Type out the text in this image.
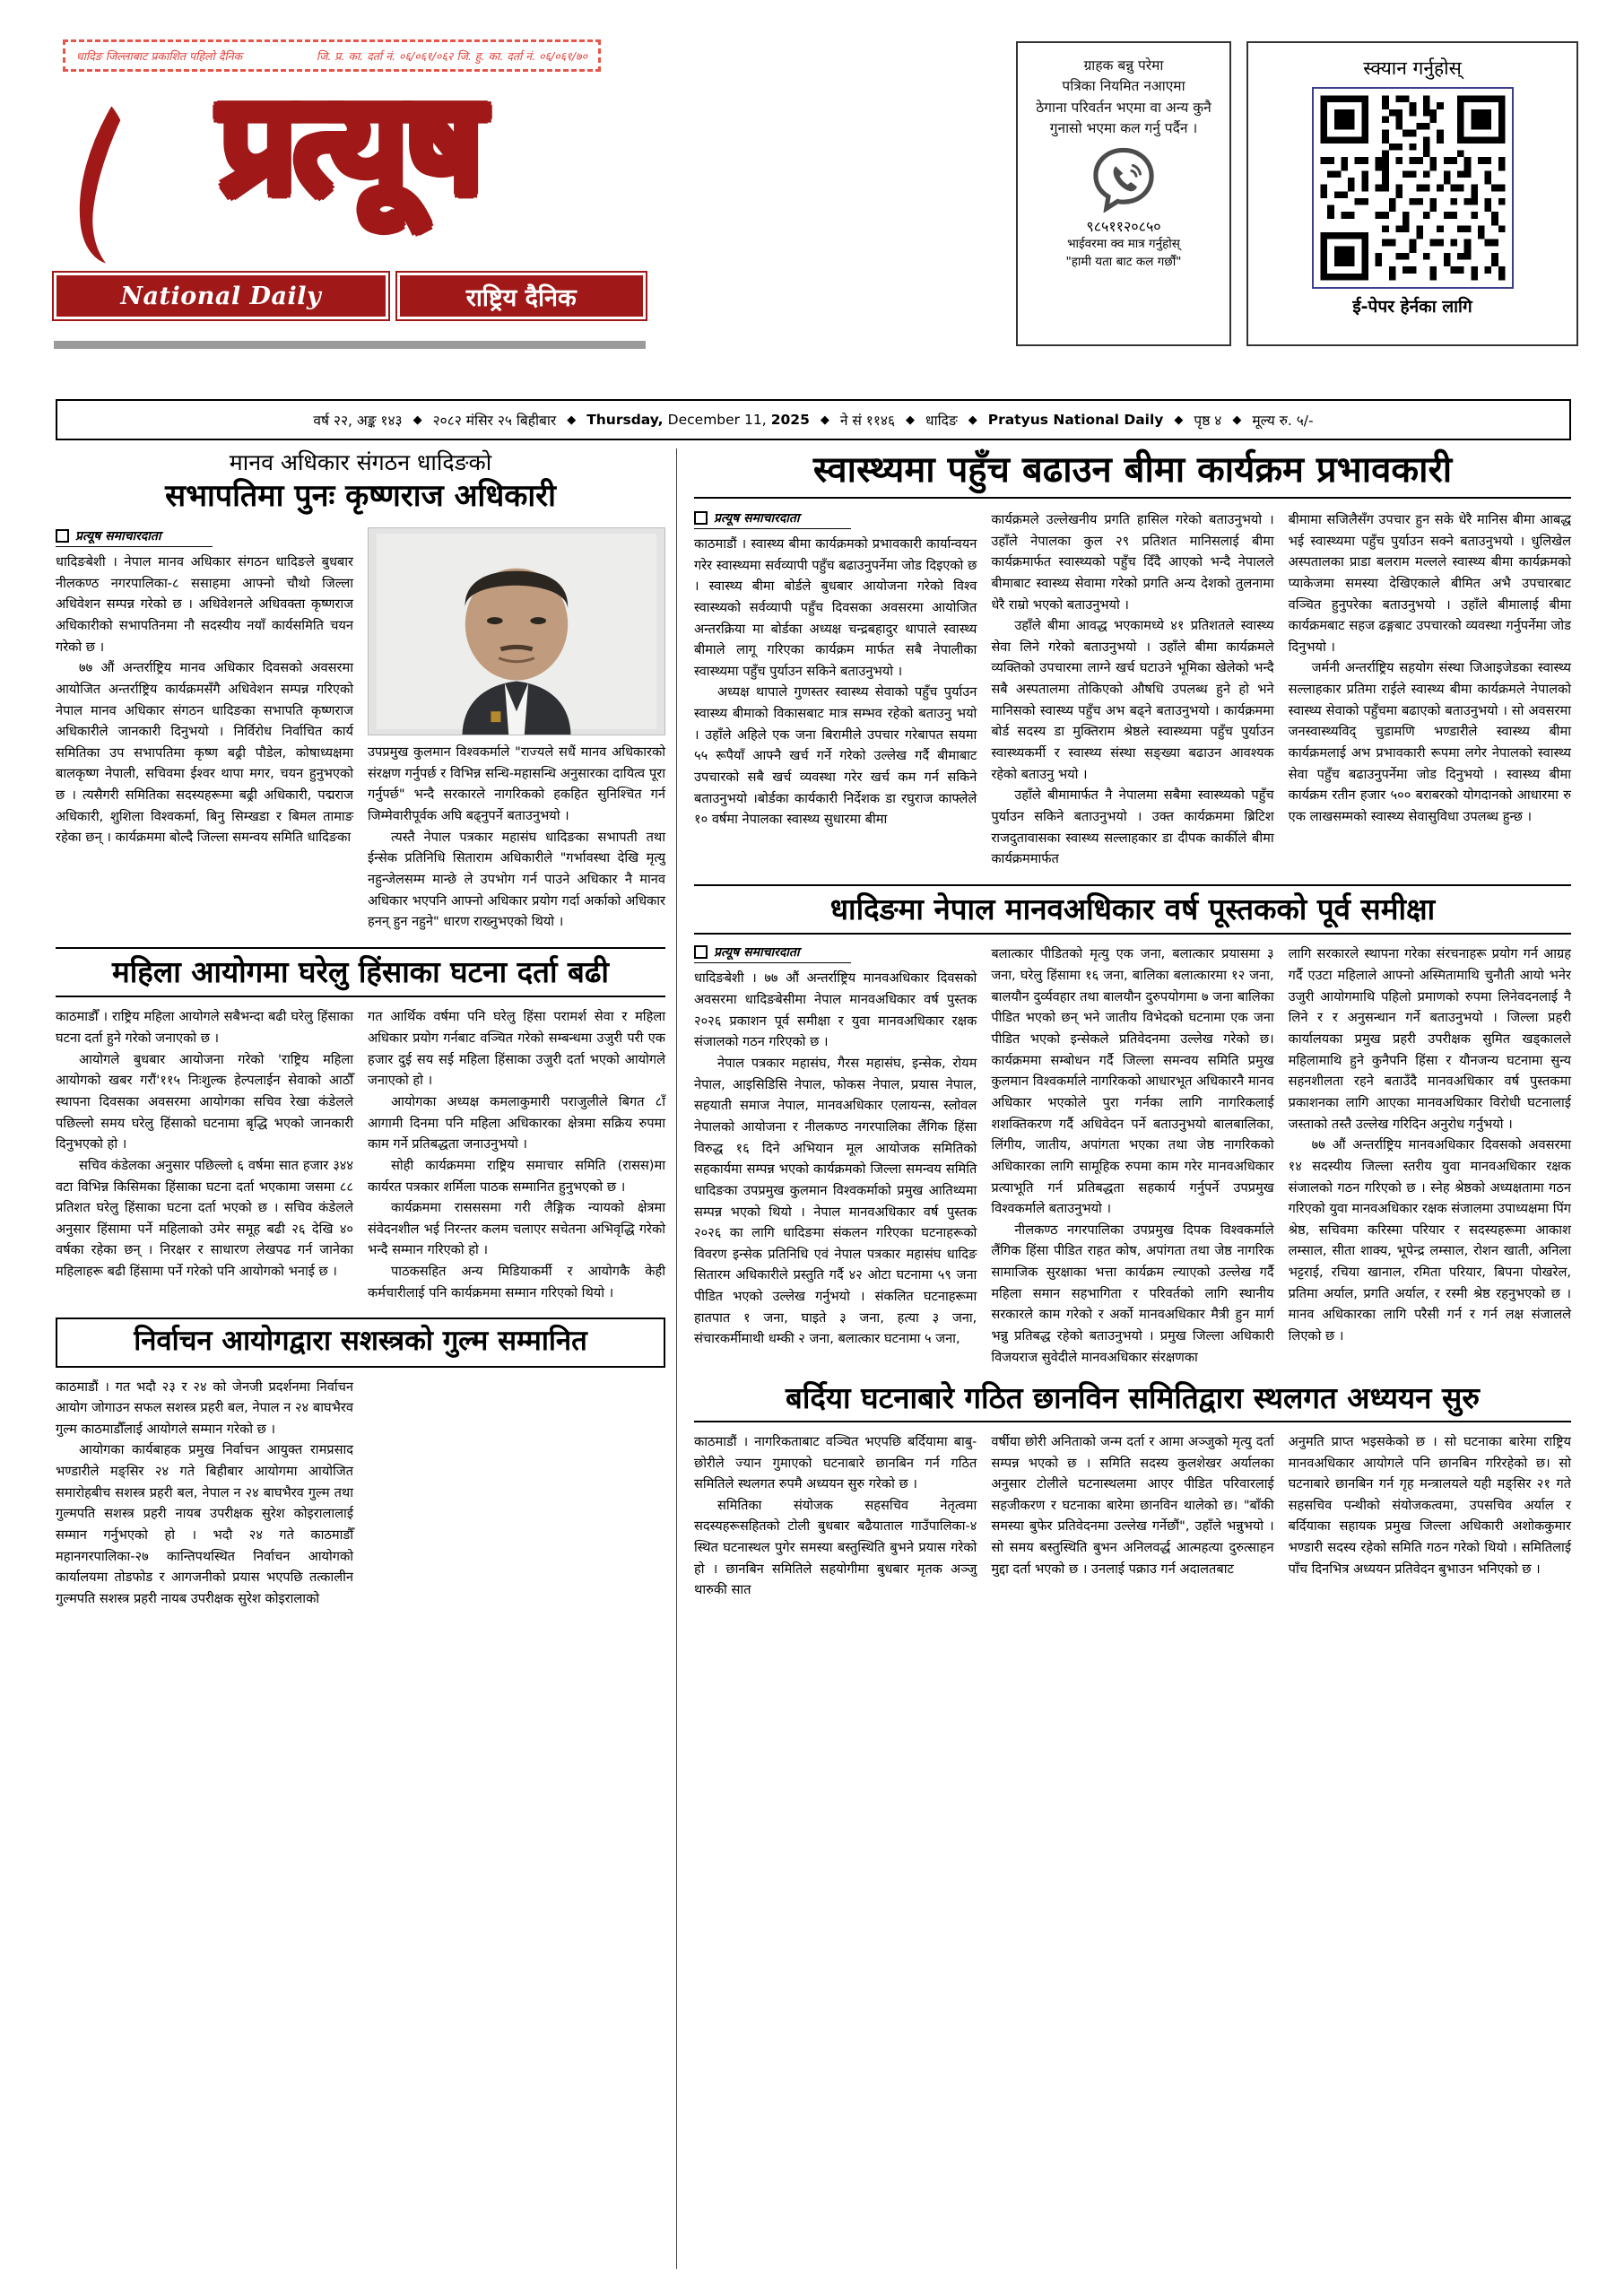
धादिङ जिल्लाबाट प्रकाशित पहिलो दैनिक	जि. प्र. का. दर्ता नं. ०६/०६१/०६२ जि. हु. का. दर्ता नं. ०६/०६१/७०
प्रत्यूष
National Daily	राष्ट्रिय दैनिक
ग्राहक बन्नु परेमा
पत्रिका नियमित नआएमा
ठेगाना परिवर्तन भएमा वा अन्य कुनै
गुनासो भएमा कल गर्नु पर्दैन ।
९८५११२०८५०
भाईवरमा क्व मात्र गर्नुहोस्
"हामी यता बाट कल गर्छौं"
स्क्यान गर्नुहोस्
ई-पेपर हेर्नका लागि
वर्ष २२, अङ्क १४३ ◆ २०८२ मंसिर २५ बिहीबार ◆ Thursday,
December 11,
2025 ◆ ने सं ११४६ ◆ धादिङ ◆ Pratyus National Daily ◆ पृष्ठ ४ ◆ मूल्य रु. ५/-
मानव अधिकार संगठन धादिङको
सभापतिमा पुनः कृष्णराज अधिकारी
प्रत्यूष समाचारदाता

धादिङबेशी । नेपाल मानव अधिकार संगठन धादिङले बुधबार नीलकण्ठ नगरपालिका-८ ससाहमा आफ्नो चौथो जिल्ला अधिवेशन सम्पन्न गरेको छ । अधिवेशनले अधिवक्ता कृष्णराज अधिकारीको सभापतिनमा नौ सदस्यीय नयाँ कार्यसमिति चयन गरेको छ ।

७७ औं अन्तर्राष्ट्रिय मानव अधिकार दिवसको अवसरमा आयोजित अन्तर्राष्ट्रिय कार्यक्रमसँगै अधिवेशन सम्पन्न गरिएको नेपाल मानव अधिकार संगठन धादिङका सभापति कृष्णराज अधिकारीले जानकारी दिनुभयो । निर्विरोध निर्वाचित कार्य समितिका उप सभापतिमा कृष्ण बढ्री पौडेल, कोषाध्यक्षमा बालकृष्ण नेपाली, सचिवमा ईश्वर थापा मगर, चयन हुनुभएको छ । त्यसैगरी समितिका सदस्यहरूमा बढ्री अधिकारी, पद्मराज अधिकारी, शुशिला विश्वकर्मा, बिनु सिम्खडा र बिमल तामाङ रहेका छन् । कार्यक्रममा बोल्दै जिल्ला समन्वय समिति धादिङका

उपप्रमुख कुलमान विश्वकर्माले "राज्यले सधैं मानव अधिकारको संरक्षण गर्नुपर्छ र विभिन्न सन्धि-महासन्धि अनुसारका दायित्व पूरा गर्नुपर्छ" भन्दै सरकारले नागरिकको हकहित सुनिश्चित गर्न जिम्मेवारीपूर्वक अघि बढ्नुपर्ने बताउनुभयो ।

त्यस्तै नेपाल पत्रकार महासंघ धादिङका सभापती तथा ईन्सेक प्रतिनिधि सिताराम अधिकारीले "गर्भावस्था देखि मृत्यु नहुन्जेलसम्म मान्छे ले उपभोग गर्न पाउने अधिकार नै मानव अधिकार भएपनि आफ्नो अधिकार प्रयोग गर्दा अर्काको अधिकार हनन् हुन नहुने" धारण राख्नुभएको थियो ।

महिला आयोगमा घरेलु हिंसाका घटना दर्ता बढी

काठमाडौँ । राष्ट्रिय महिला आयोगले सबैभन्दा बढी घरेलु हिंसाका घटना दर्ता हुने गरेको जनाएको छ ।

आयोगले बुधबार आयोजना गरेको 'राष्ट्रिय महिला आयोगको खबर गरौं'११५ निःशुल्क हेल्पलाईन सेवाको आठौँ स्थापना दिवसका अवसरमा आयोगका सचिव रेखा कंडेलले पछिल्लो समय घरेलु हिंसाको घटनामा बृद्धि भएको जानकारी दिनुभएको हो ।

सचिव कंडेलका अनुसार पछिल्लो ६ वर्षमा सात हजार ३४४ वटा विभिन्न किसिमका हिंसाका घटना दर्ता भएकामा जसमा ८८ प्रतिशत घरेलु हिंसाका घटना दर्ता भएको छ । सचिव कंडेलले अनुसार हिंसामा पर्ने महिलाको उमेर समूह बढी २६ देखि ४० वर्षका रहेका छन् । निरक्षर र साधारण लेखपढ गर्न जानेका महिलाहरू बढी हिंसामा पर्ने गरेको पनि आयोगको भनाई छ ।

गत आर्थिक वर्षमा पनि घरेलु हिंसा परामर्श सेवा र महिला अधिकार प्रयोग गर्नबाट वञ्चित गरेको सम्बन्धमा उजुरी परी एक हजार दुई सय सई महिला हिंसाका उजुरी दर्ता भएको आयोगले जनाएको हो ।

आयोगका अध्यक्ष कमलाकुमारी पराजुलीले बिगत ८ाँ आगामी दिनमा पनि महिला अधिकारका क्षेत्रमा सक्रिय रुपमा काम गर्ने प्रतिबद्धता जनाउनुभयो ।

सोही कार्यक्रममा राष्ट्रिय समाचार समिति (रासस)मा कार्यरत पत्रकार शर्मिला पाठक सम्मानित हुनुभएको छ ।

कार्यक्रममा रासससमा गरी लैङ्गिक न्यायको क्षेत्रमा संवेदनशील भई निरन्तर कलम चलाएर सचेतना अभिवृद्धि गरेको भन्दै सम्मान गरिएको हो ।

पाठकसहित अन्य मिडियाकर्मी र आयोगकै केही कर्मचारीलाई पनि कार्यक्रममा सम्मान गरिएको थियो ।

निर्वाचन आयोगद्वारा सशस्त्रको गुल्म सम्मानित

काठमाडौं । गत भदौ २३ र २४ को जेनजी प्रदर्शनमा निर्वाचन आयोग जोगाउन सफल सशस्त्र प्रहरी बल, नेपाल न २४ बाघभैरव गुल्म काठमाडौँलाई आयोगले सम्मान गरेको छ ।

आयोगका कार्यबाहक प्रमुख निर्वाचन आयुक्त रामप्रसाद भण्डारीले मङ्सिर २४ गते बिहीबार आयोगमा आयोजित समारोहबीच सशस्त्र प्रहरी बल, नेपाल न २४ बाघभैरव गुल्म तथा गुल्मपति सशस्त्र प्रहरी नायब उपरीक्षक सुरेश कोइरालालाई सम्मान गर्नुभएको हो । भदौ २४ गते काठमाडौँ महानगरपालिका-२७ कान्तिपथस्थित निर्वाचन आयोगको कार्यालयमा तोडफोड र आगजनीको प्रयास भएपछि तत्कालीन गुल्मपति सशस्त्र प्रहरी नायब उपरीक्षक सुरेश कोइरालाको

स्वास्थ्यमा पहुँच बढाउन बीमा कार्यक्रम प्रभावकारी
प्रत्यूष समाचारदाता

काठमाडौं । स्वास्थ्य बीमा कार्यक्रमको प्रभावकारी कार्यान्वयन गरेर स्वास्थ्यमा सर्वव्यापी पहुँच बढाउनुपर्नेमा जोड दिइएको छ । स्वास्थ्य बीमा बोर्डले बुधबार आयोजना गरेको विश्व स्वास्थ्यको सर्वव्यापी पहुँच दिवसका अवसरमा आयोजित अन्तरक्रिया मा बोर्डका अध्यक्ष चन्द्रबहादुर थापाले स्वास्थ्य बीमाले लागू गरिएका कार्यक्रम मार्फत सबै नेपालीका स्वास्थ्यमा पहुँच पुर्याउन सकिने बताउनुभयो ।

अध्यक्ष थापाले गुणस्तर स्वास्थ्य सेवाको पहुँच पुर्याउन स्वास्थ्य बीमाको विकासबाट मात्र सम्भव रहेको बताउनु भयो । उहाँले अहिले एक जना बिरामीले उपचार गरेबापत सयमा ५५ रूपैयाँ आफ्नै खर्च गर्ने गरेको उल्लेख गर्दै बीमाबाट उपचारको सबै खर्च व्यवस्था गरेर खर्च कम गर्न सकिने बताउनुभयो ।बोर्डका कार्यकारी निर्देशक डा रघुराज काफ्लेले १० वर्षमा नेपालका स्वास्थ्य सुधारमा बीमा

कार्यक्रमले उल्लेखनीय प्रगति हासिल गरेको बताउनुभयो । उहाँले नेपालका कुल २९ प्रतिशत मानिसलाई बीमा कार्यक्रमार्फत स्वास्थ्यको पहुँच दिँदै आएको भन्दै नेपालले बीमाबाट स्वास्थ्य सेवामा गरेको प्रगति अन्य देशको तुलनामा धेरै राम्रो भएको बताउनुभयो ।

उहाँले बीमा आवद्ध भएकामध्ये ४१ प्रतिशतले स्वास्थ्य सेवा लिने गरेको बताउनुभयो । उहाँले बीमा कार्यक्रमले व्यक्तिको उपचारमा लाग्ने खर्च घटाउने भूमिका खेलेको भन्दै सबै अस्पतालमा तोकिएको औषधि उपलब्ध हुने हो भने मानिसको स्वास्थ्य पहुँच अभ बढ्ने बताउनुभयो । कार्यक्रममा बोर्ड सदस्य डा मुक्तिराम श्रेष्ठले स्वास्थ्यमा पहुँच पुर्याउन स्वास्थ्यकर्मी र स्वास्थ्य संस्था सङ्ख्या बढाउन आवश्यक रहेको बताउनु भयो ।

उहाँले बीमामार्फत नै नेपालमा सबैमा स्वास्थ्यको पहुँच पुर्याउन सकिने बताउनुभयो । उक्त कार्यक्रममा ब्रिटिश राजदुतावासका स्वास्थ्य सल्लाहकार डा दीपक कार्कीले बीमा कार्यक्रममार्फत

बीमामा सजिलैसँग उपचार हुन सके धेरै मानिस बीमा आबद्ध भई स्वास्थ्यमा पहुँच पुर्याउन सक्ने बताउनुभयो । धुलिखेल अस्पतालका प्राडा बलराम मल्लले स्वास्थ्य बीमा कार्यक्रमको प्याकेजमा समस्या देखिएकाले बीमित अभै उपचारबाट वञ्चित हुनुपरेका बताउनुभयो । उहाँले बीमालाई बीमा कार्यक्रमबाट सहज ढङ्गबाट उपचारको व्यवस्था गर्नुपर्नेमा जोड दिनुभयो ।

जर्मनी अन्तर्राष्ट्रिय सहयोग संस्था जिआइजेडका स्वास्थ्य सल्लाहकार प्रतिमा राईले स्वास्थ्य बीमा कार्यक्रमले नेपालको स्वास्थ्य सेवाको पहुँचमा बढाएको बताउनुभयो । सो अवसरमा जनस्वास्थ्यविद् चुडामणि भण्डारीले स्वास्थ्य बीमा कार्यक्रमलाई अभ प्रभावकारी रूपमा लगेर नेपालको स्वास्थ्य सेवा पहुँच बढाउनुपर्नेमा जोड दिनुभयो । स्वास्थ्य बीमा कार्यक्रम रतीन हजार ५०० बराबरको योगदानको आधारमा रु एक लाखसम्मको स्वास्थ्य सेवासुविधा उपलब्ध हुन्छ ।

धादिङमा नेपाल मानवअधिकार वर्ष पूस्तकको पूर्व समीक्षा
प्रत्यूष समाचारदाता

धादिङबेशी । ७७ औं अन्तर्राष्ट्रिय मानवअधिकार दिवसको अवसरमा धादिङबेसीमा नेपाल मानवअधिकार वर्ष पुस्तक २०२६ प्रकाशन पूर्व समीक्षा र युवा मानवअधिकार रक्षक संजालको गठन गरिएको छ ।

नेपाल पत्रकार महासंघ, गैरस महासंघ, इन्सेक, रोयम नेपाल, आइसिडिसि नेपाल, फोकस नेपाल, प्रयास नेपाल, सहयाती समाज नेपाल, मानवअधिकार एलायन्स, स्लोवल नेपालको आयोजना र नीलकण्ठ नगरपालिका लैंगिक हिंसा विरुद्ध १६ दिने अभियान मूल आयोजक समितिको सहकार्यमा सम्पन्न भएको कार्यक्रमको जिल्ला समन्वय समिति धादिङका उपप्रमुख कुलमान विश्वकर्माको प्रमुख आतिथ्यमा सम्पन्न भएको थियो । नेपाल मानवअधिकार वर्ष पुस्तक २०२६ का लागि धादिङमा संकलन गरिएका घटनाहरूको विवरण इन्सेक प्रतिनिधि एवं नेपाल पत्रकार महासंघ धादिङ सितारम अधिकारीले प्रस्तुति गर्दै ४२ ओटा घटनामा ५९ जना पीडित भएको उल्लेख गर्नुभयो । संकलित घटनाहरूमा हातपात १ जना, घाइते ३ जना, हत्या ३ जना, संचारकर्मीमाथी धम्की २ जना, बलात्कार घटनामा ५ जना,

बलात्कार पीडितको मृत्यु एक जना, बलात्कार प्रयासमा ३ जना, घरेलु हिंसामा १६ जना, बालिका बलात्कारमा १२ जना, बालयौन दुर्व्यवहार तथा बालयौन दुरुपयोगमा ७ जना बालिका पीडित भएको छन् भने जातीय विभेदको घटनामा एक जना पीडित भएको इन्सेकले प्रतिवेदनमा उल्लेख गरेको छ। कार्यक्रममा सम्बोधन गर्दै जिल्ला समन्वय समिति प्रमुख कुलमान विश्वकर्माले नागरिकको आधारभूत अधिकारनै मानव अधिकार भएकोले पुरा गर्नका लागि नागरिकलाई शशक्तिकरण गर्दै अधिवेदन पर्ने बताउनुभयो बालबालिका, लिंगीय, जातीय, अपांगता भएका तथा जेष्ठ नागरिकको अधिकारका लागि सामूहिक रुपमा काम गरेर मानवअधिकार प्रत्याभूति गर्न प्रतिबद्धता सहकार्य गर्नुपर्ने उपप्रमुख विश्वकर्माले बताउनुभयो ।

नीलकण्ठ नगरपालिका उपप्रमुख दिपक विश्वकर्माले लैंगिक हिंसा पीडित राहत कोष, अपांगता तथा जेष्ठ नागरिक सामाजिक सुरक्षाका भत्ता कार्यक्रम ल्याएको उल्लेख गर्दै महिला समान सहभागिता र परिवर्तको लागि स्थानीय सरकारले काम गरेको र अर्को मानवअधिकार मैत्री हुन मार्ग भन्नु प्रतिबद्ध रहेको बताउनुभयो । प्रमुख जिल्ला अधिकारी विजयराज सुवेदीले मानवअधिकार संरक्षणका

लागि सरकारले स्थापना गरेका संरचनाहरू प्रयोग गर्न आग्रह गर्दै एउटा महिलाले आफ्नो अस्मितामाथि चुनौती आयो भनेर उजुरी आयोगमाथि पहिलो प्रमाणको रुपमा लिनेवदनलाई नै लिने र र अनुसन्धान गर्ने बताउनुभयो । जिल्ला प्रहरी कार्यालयका प्रमुख प्रहरी उपरीक्षक सुमित खड्कालले महिलामाथि हुने कुनैपनि हिंसा र यौनजन्य घटनामा सुन्य सहनशीलता रहने बताउँदै मानवअधिकार वर्ष पुस्तकमा प्रकाशनका लागि आएका मानवअधिकार विरोधी घटनालाई जस्ताको तस्तै उल्लेख गरिदिन अनुरोध गर्नुभयो ।

७७ औं अन्तर्राष्ट्रिय मानवअधिकार दिवसको अवसरमा १४ सदस्यीय जिल्ला स्तरीय युवा मानवअधिकार रक्षक संजालको गठन गरिएको छ । स्नेह श्रेष्ठको अध्यक्षतामा गठन गरिएको युवा मानवअधिकार रक्षक संजालमा उपाध्यक्षमा पिंग श्रेष्ठ, सचिवमा करिस्मा परियार र सदस्यहरूमा आकाश लम्साल, सीता शाक्य, भूपेन्द्र लम्साल, रोशन खाती, अनिला भट्टराई, रचिया खानाल, रमिता परियार, बिपना पोखरेल, प्रतिमा अर्याल, प्रगति अर्याल, र रस्मी श्रेष्ठ रहनुभएको छ । मानव अधिकारका लागि परैसी गर्न र गर्न लक्ष संजालले लिएको छ ।

बर्दिया घटनाबारे गठित छानविन समितिद्वारा स्थलगत अध्ययन सुरु

काठमाडौं । नागरिकताबाट वञ्चित भएपछि बर्दियामा बाबु-छोरीले ज्यान गुमाएको घटनाबारे छानबिन गर्न गठित समितिले स्थलगत रुपमै अध्ययन सुरु गरेको छ ।

समितिका संयोजक सहसचिव नेतृत्वमा सदस्यहरूसहितको टोली बुधबार बढैयाताल गाउँपालिका-४ स्थित घटनास्थल पुगेर समस्या बस्तुस्थिति बुभने प्रयास गरेको हो । छानबिन समितिले सहयोगीमा बुधबार मृतक अञ्जु थारुकी सात

वर्षीया छोरी अनिताको जन्म दर्ता र आमा अञ्जुको मृत्यु दर्ता सम्पन्न भएको छ । समिति सदस्य कुलशेखर अर्यालका अनुसार टोलीले घटनास्थलमा आएर पीडित परिवारलाई सहजीकरण र घटनाका बारेमा छानविन थालेको छ। "बाँकी समस्या बुफेर प्रतिवेदनमा उल्लेख गर्नेछौं", उहाँले भन्नुभयो । सो समय बस्तुस्थिति बुभन अनिलवर्द्ध आत्महत्या दुरुत्साहन मुद्दा दर्ता भएको छ । उनलाई पक्राउ गर्न अदालतबाट
अनुमति प्राप्त भइसकेको छ । सो घटनाका बारेमा राष्ट्रिय मानवअधिकार आयोगले पनि छानबिन गरिरहेको छ। सो घटनाबारे छानबिन गर्न गृह मन्त्रालयले यही मङ्सिर २१ गते सहसचिव पन्थीको संयोजकत्वमा, उपसचिव अर्याल र बर्दियाका सहायक प्रमुख जिल्ला अधिकारी अशोककुमार भण्डारी सदस्य रहेको समिति गठन गरेको थियो । समितिलाई पाँच दिनभित्र अध्ययन प्रतिवेदन बुभाउन भनिएको छ ।
